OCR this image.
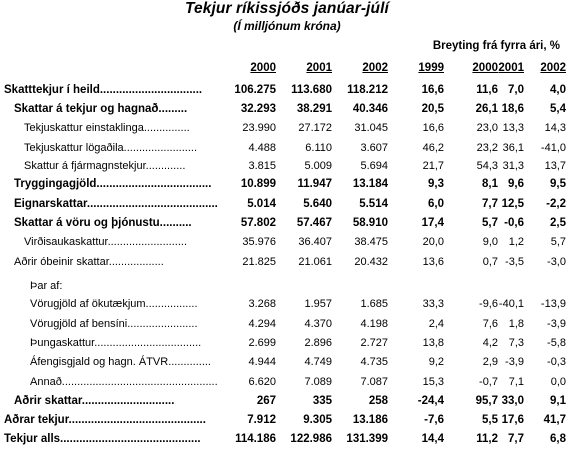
Tekjur ríkissjóðs janúar-júlí
(Í milljónum króna)
Breyting frá fyrra ári, %
2000	2001	2002	1999	2000 2001	2002
Skatttekjur í heild................................	106.275	113.680	118.212	16,6	11,6 7,0	4,0
Skattar á tekjur og hagnað.........	32.293	38.291	40.346	20,5	26,1 18,6	5,4
Tekjuskattur einstaklinga...............	23.990	27.172	31.045	16,6	23,0 13,3	14,3
Tekjuskattur lögaðila........................	4.488	6.110	3.607	46,2	23,2 36,1	-41,0
Skattur á fjármagnstekjur.............	3.815	5.009	5.694	21,7	54,3 31,3	13,7
Tryggingagjöld....................................	10.899	11.947	13.184	9,3	8,1 9,6	9,5
Eignarskattar.........................................	5.014	5.640	5.514	6,0	7,7 12,5	-2,2
Skattar á vöru og þjónustu..........	57.802	57.467	58.910	17,4	5,7 -0,6	2,5
Virðisaukaskattur..........................	35.976	36.407	38.475	20,0	9,0 1,2	5,7
Aðrir óbeinir skattar..................	21.825	21.061	20.432	13,6	0,7 -3,5	-3,0
Þar af:
Vörugjöld af ökutækjum.................	3.268	1.957	1.685	33,3	-9,6 -40,1	-13,9
Vörugjöld af bensíni.......................	4.294	4.370	4.198	2,4	7,6 1,8	-3,9
Þungaskattur...................................	2.699	2.896	2.727	13,8	4,2 7,3	-5,8
Áfengisgjald og hagn. ÁTVR..............	4.944	4.749	4.735	9,2	2,9 -3,9	-0,3
Annað...................................................	6.620	7.089	7.087	15,3	-0,7 7,1	0,0
Aðrir skattar.............................	267	335	258	-24,4	95,7 33,0	9,1
Aðrar tekjur...........................................	7.912	9.305	13.186	-7,6	5,5 17,6	41,7
Tekjur alls............................................	114.186	122.986	131.399	14,4	11,2 7,7	6,8
